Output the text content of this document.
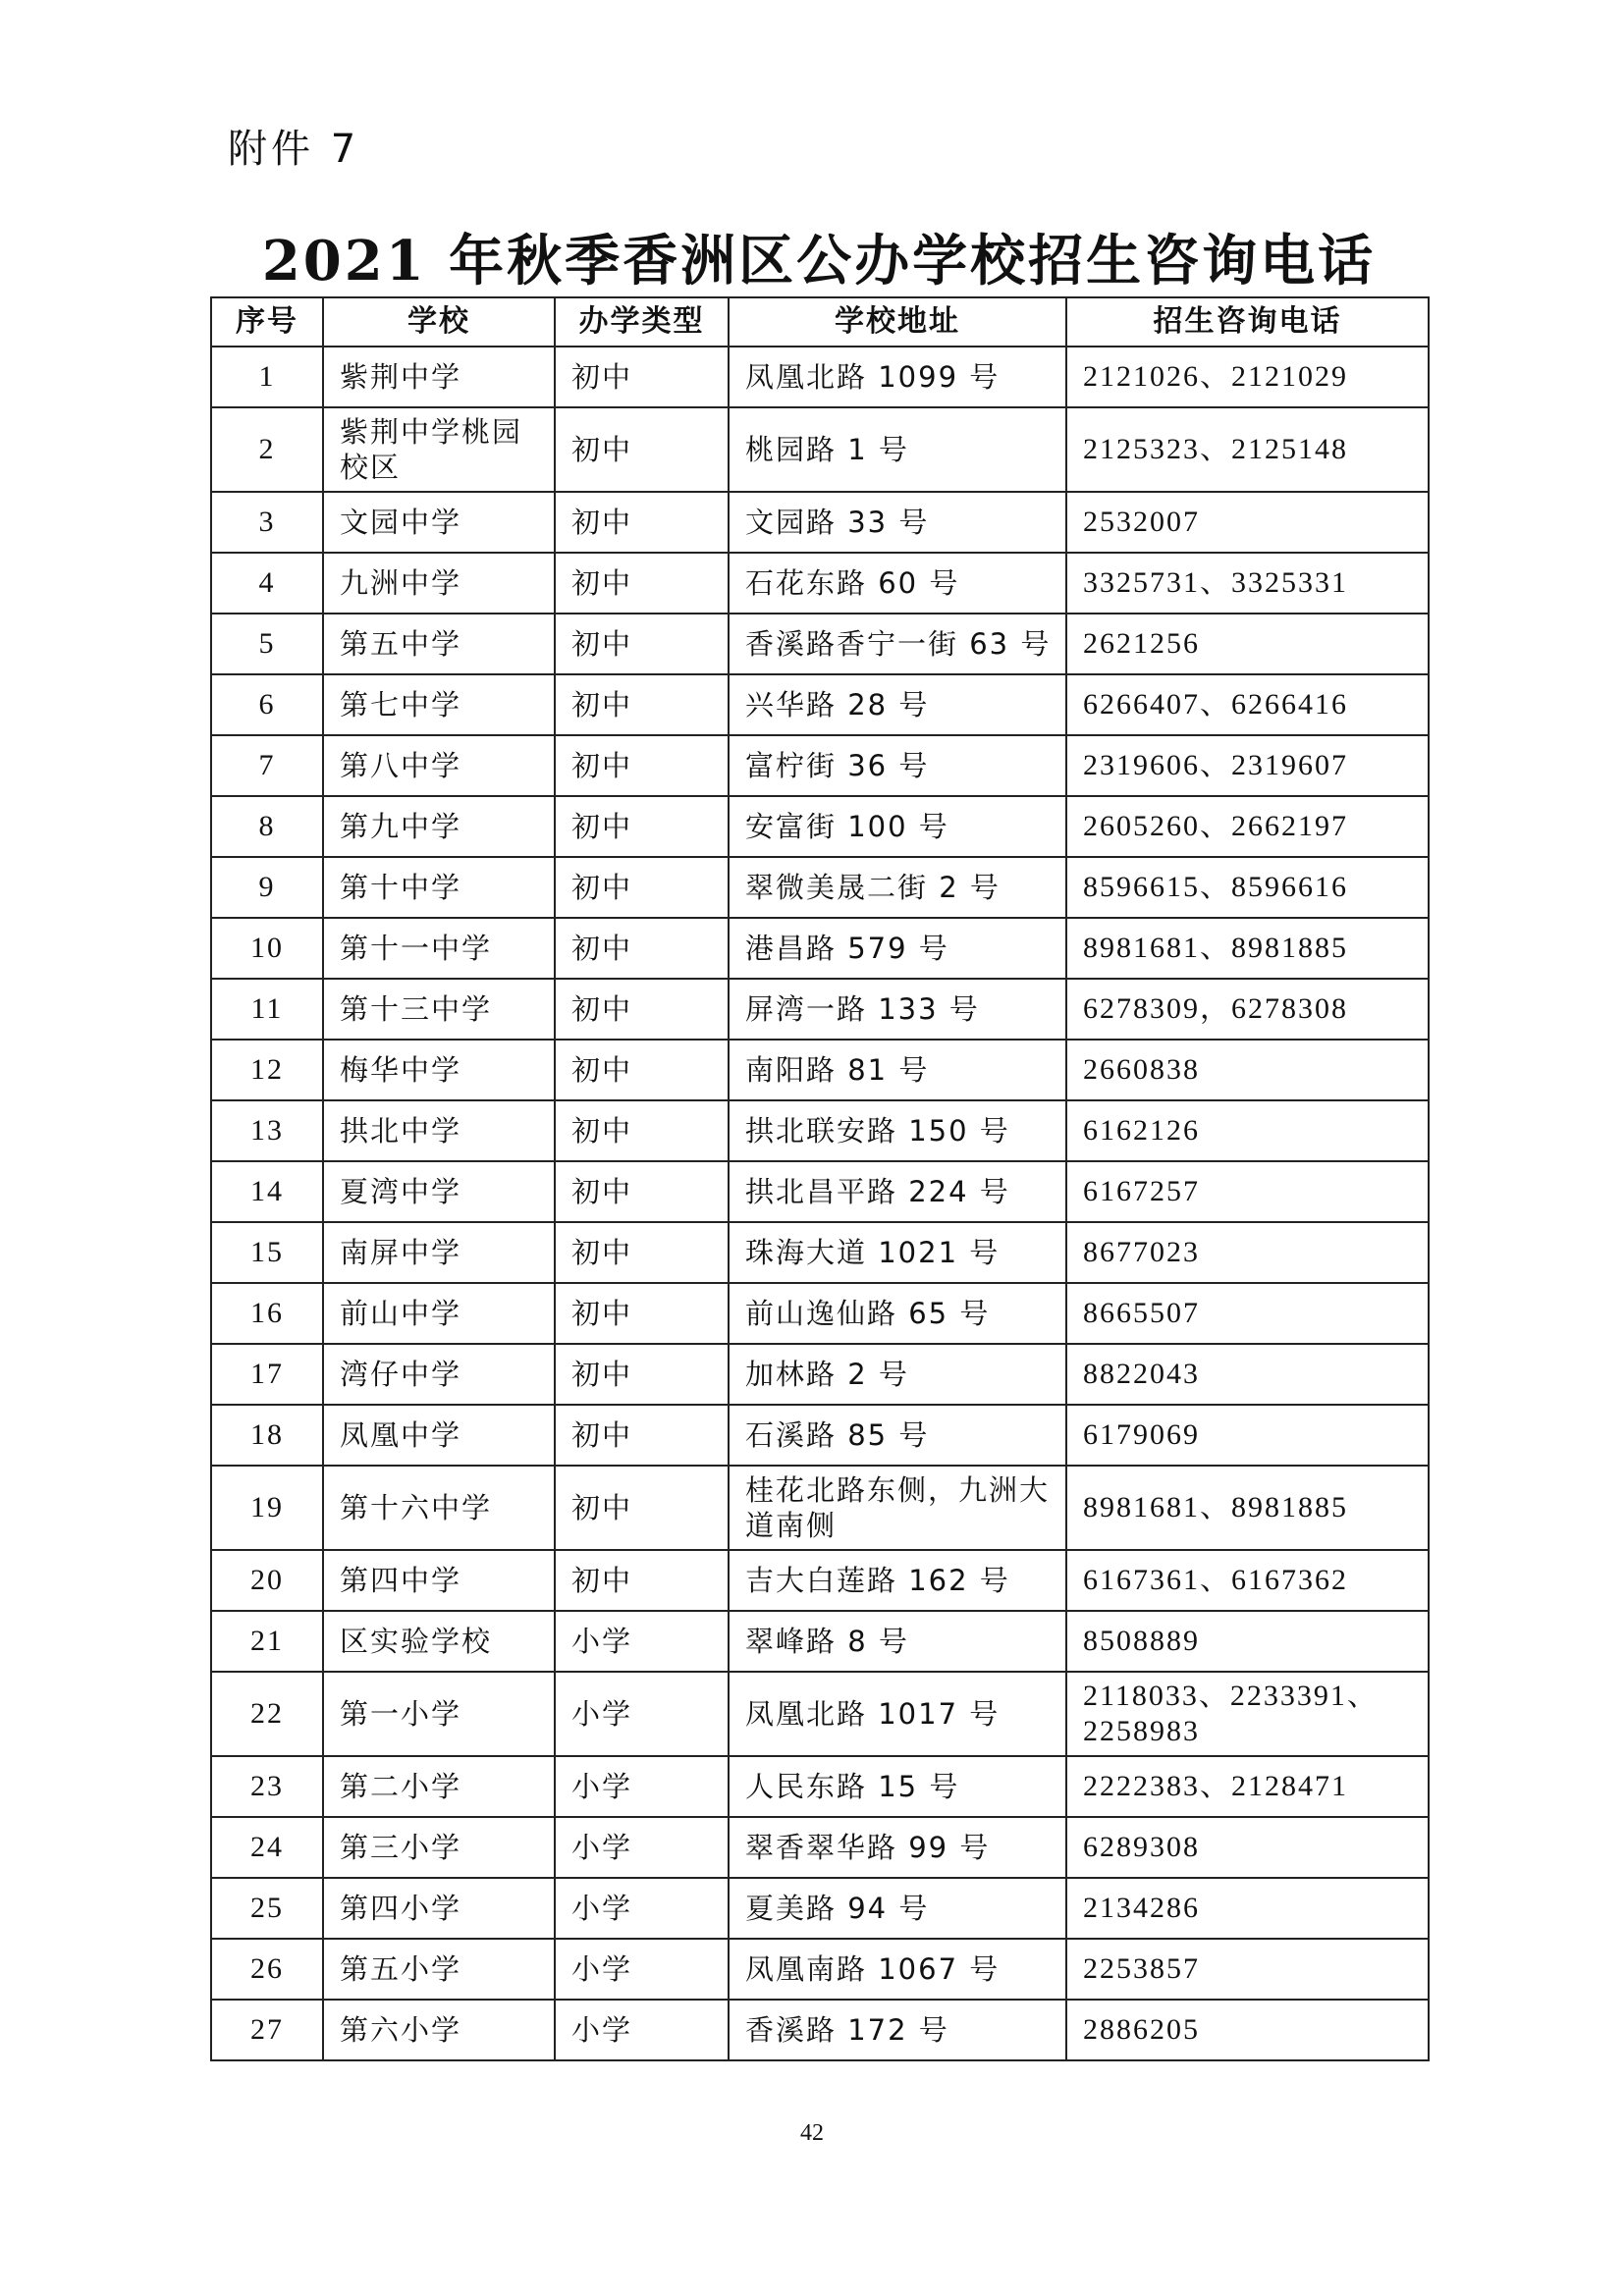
附件 7
2021 年秋季香洲区公办学校招生咨询电话
序号	学校	办学类型	学校地址	招生咨询电话
1	紫荆中学	初中	凤凰北路 1099 号	2121026、2121029
2	紫荆中学桃园校区	初中	桃园路 1 号	2125323、2125148
3	文园中学	初中	文园路 33 号	2532007
4	九洲中学	初中	石花东路 60 号	3325731、3325331
5	第五中学	初中	香溪路香宁一街 63 号	2621256
6	第七中学	初中	兴华路 28 号	6266407、6266416
7	第八中学	初中	富柠街 36 号	2319606、2319607
8	第九中学	初中	安富街 100 号	2605260、2662197
9	第十中学	初中	翠微美晟二街 2 号	8596615、8596616
10	第十一中学	初中	港昌路 579 号	8981681、8981885
11	第十三中学	初中	屏湾一路 133 号	6278309，6278308
12	梅华中学	初中	南阳路 81 号	2660838
13	拱北中学	初中	拱北联安路 150 号	6162126
14	夏湾中学	初中	拱北昌平路 224 号	6167257
15	南屏中学	初中	珠海大道 1021 号	8677023
16	前山中学	初中	前山逸仙路 65 号	8665507
17	湾仔中学	初中	加林路 2 号	8822043
18	凤凰中学	初中	石溪路 85 号	6179069
19	第十六中学	初中	桂花北路东侧，九洲大道南侧	8981681、8981885
20	第四中学	初中	吉大白莲路 162 号	6167361、6167362
21	区实验学校	小学	翠峰路 8 号	8508889
22	第一小学	小学	凤凰北路 1017 号	2118033、2233391、2258983
23	第二小学	小学	人民东路 15 号	2222383、2128471
24	第三小学	小学	翠香翠华路 99 号	6289308
25	第四小学	小学	夏美路 94 号	2134286
26	第五小学	小学	凤凰南路 1067 号	2253857
27	第六小学	小学	香溪路 172 号	2886205
42
